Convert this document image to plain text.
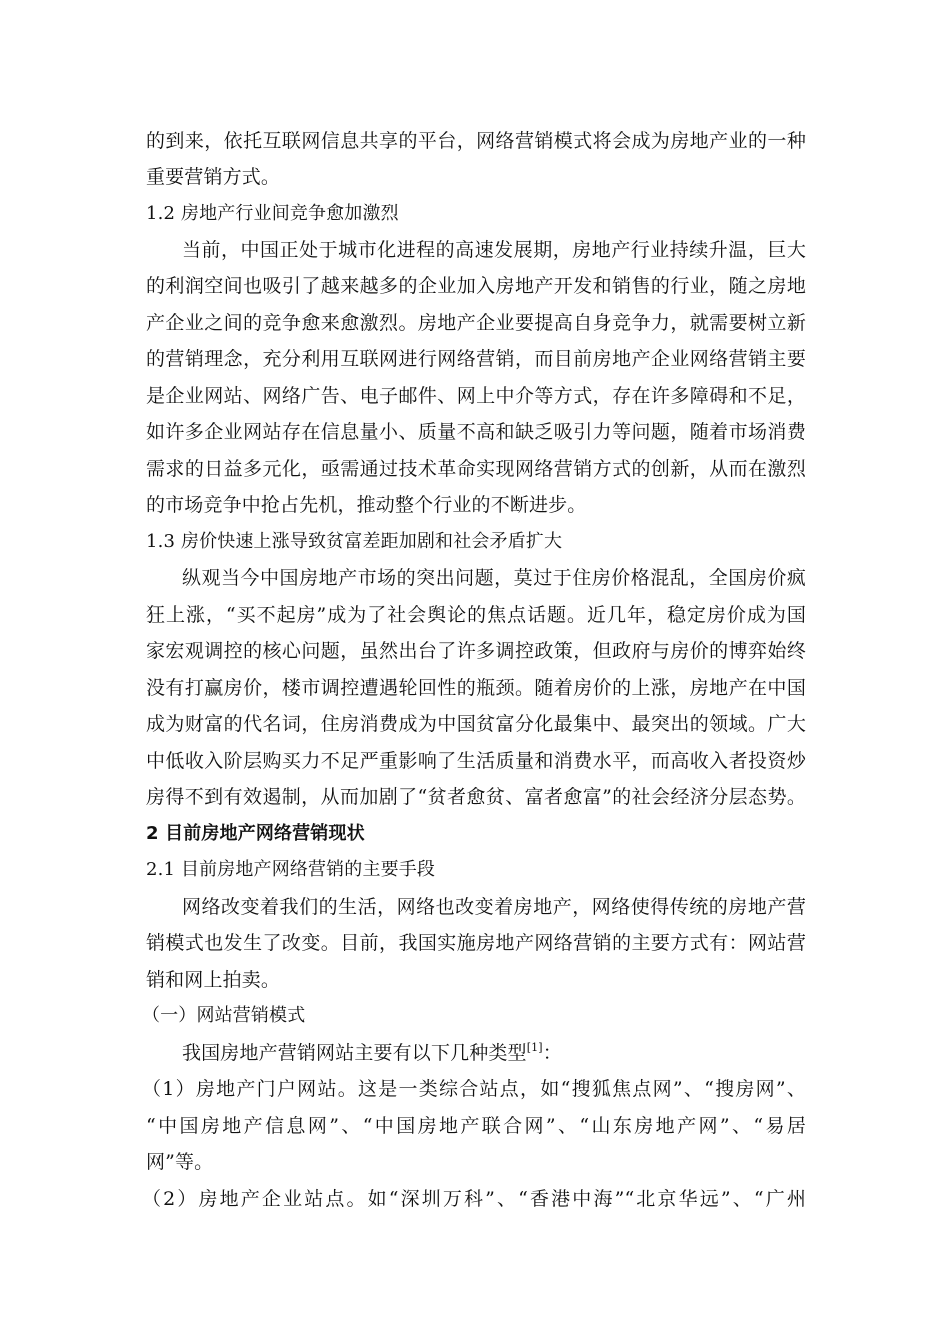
的到来，依托互联网信息共享的平台，网络营销模式将会成为房地产业的一种
重要营销方式。
1.2 房地产行业间竞争愈加激烈
当前，中国正处于城市化进程的高速发展期，房地产行业持续升温，巨大
的利润空间也吸引了越来越多的企业加入房地产开发和销售的行业，随之房地
产企业之间的竞争愈来愈激烈。房地产企业要提高自身竞争力，就需要树立新
的营销理念，充分利用互联网进行网络营销，而目前房地产企业网络营销主要
是企业网站、网络广告、电子邮件、网上中介等方式，存在许多障碍和不足，
如许多企业网站存在信息量小、质量不高和缺乏吸引力等问题，随着市场消费
需求的日益多元化，亟需通过技术革命实现网络营销方式的创新，从而在激烈
的市场竞争中抢占先机，推动整个行业的不断进步。
1.3 房价快速上涨导致贫富差距加剧和社会矛盾扩大
纵观当今中国房地产市场的突出问题，莫过于住房价格混乱，全国房价疯
狂上涨，“买不起房”成为了社会舆论的焦点话题。近几年，稳定房价成为国
家宏观调控的核心问题，虽然出台了许多调控政策，但政府与房价的博弈始终
没有打赢房价，楼市调控遭遇轮回性的瓶颈。随着房价的上涨，房地产在中国
成为财富的代名词，住房消费成为中国贫富分化最集中、最突出的领域。广大
中低收入阶层购买力不足严重影响了生活质量和消费水平，而高收入者投资炒
房得不到有效遏制，从而加剧了“贫者愈贫、富者愈富”的社会经济分层态势。
2 目前房地产网络营销现状
2.1 目前房地产网络营销的主要手段
网络改变着我们的生活，网络也改变着房地产，网络使得传统的房地产营
销模式也发生了改变。目前，我国实施房地产网络营销的主要方式有：网站营
销和网上拍卖。
（一）网站营销模式
我国房地产营销网站主要有以下几种类型[1]：
（1）房地产门户网站。这是一类综合站点，如“搜狐焦点网”、“搜房网”、
“中国房地产信息网”、“中国房地产联合网”、“山东房地产网”、“易居
网”等。
（2）房地产企业站点。如“深圳万科”、“香港中海”“北京华远”、“广州
